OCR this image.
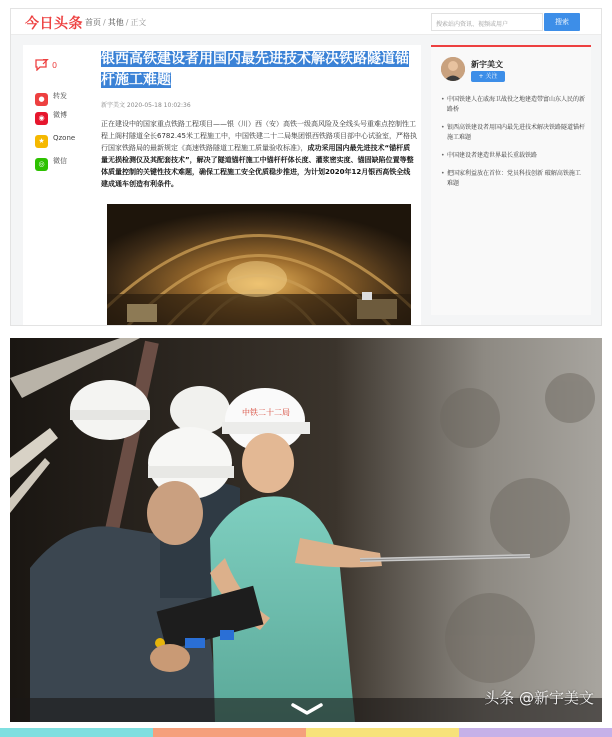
今日头条 首页 / 其他 / 正文	搜索站内资讯、视频或用户	搜索
0
● 转发
◉ 微博
★ Qzone
◎ 微信
银西高铁建设者用国内最先进技术解决铁路隧道锚杆施工难题
新宇美文 2020-05-18 10:02:36
正在建设中的国家重点铁路工程项目——银（川）西（安）高铁一级高风险及全线头号重难点控制性工程上阁村隧道全长6782.45米工程施工中，中国铁建二十二局集团银西铁路项目部中心试验室，严格执行国家铁路局的最新规定《高速铁路隧道工程施工质量验收标准》，成功采用国内最先进技术“锚杆质量无损检测仪及其配套技术”，解决了隧道锚杆施工中锚杆杆体长度、灌浆密实度、锚固缺陷位置等整体质量控制的关键性技术难题，确保工程施工安全优质稳步推进，为计划2020年12月银西高铁全线建成通车创造有利条件。
新宇美文
+ 关注
• 中国铁建人在戚海卫战役之地建造带富山东人民的新路桥
• 银西高铁建设者用国内最先进技术解决铁路隧道锚杆施工难题
• 中国建设者建造世界最长重载铁路
• 把国家利益放在首位：党员科技创新 破解高铁施工难题
中铁二十二局
头条 @新宇美文
